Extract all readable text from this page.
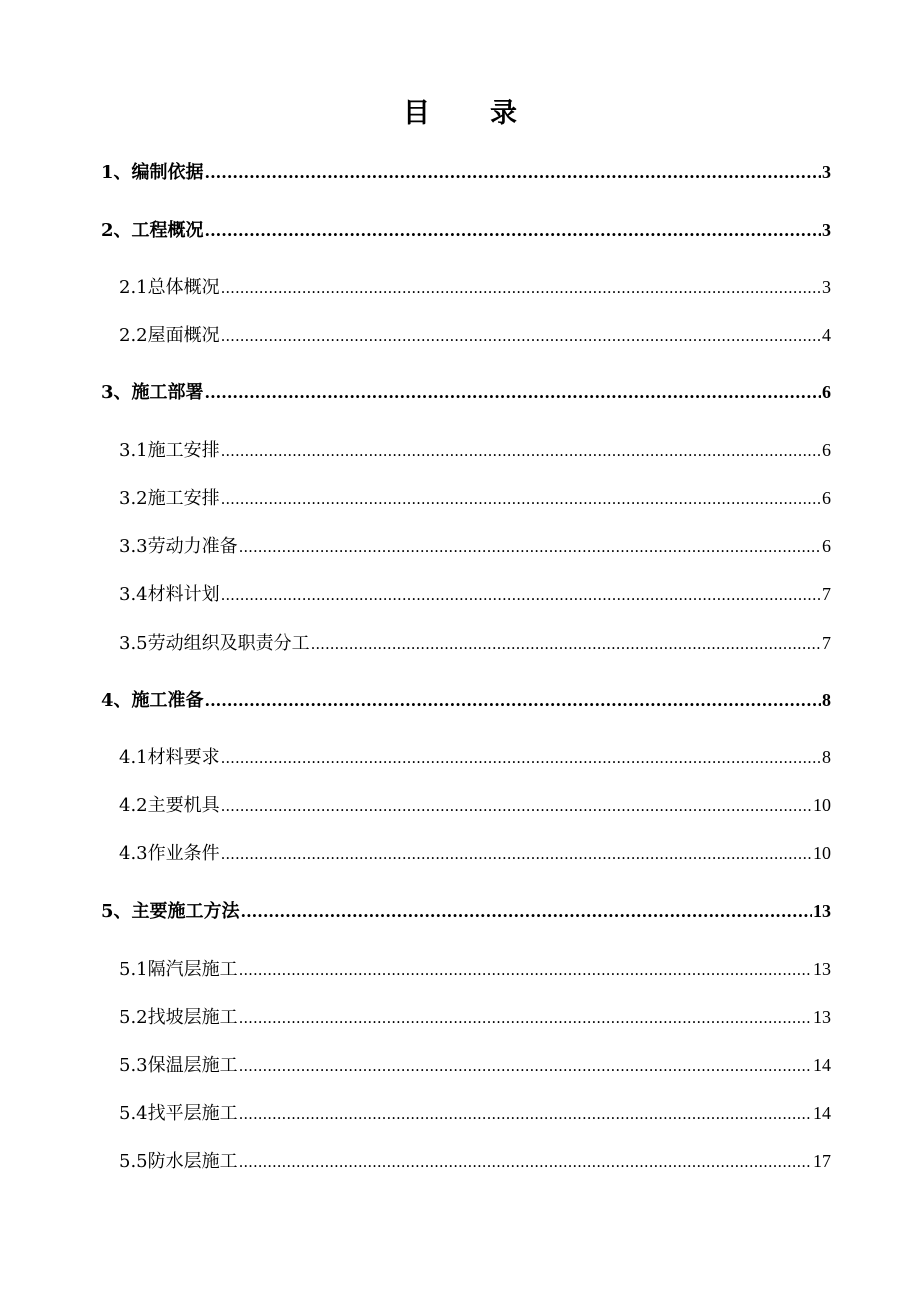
目 录
1、编制依据 .....	3
2、工程概况 .....	3
2.1总体概况 .....	3
2.2屋面概况 .....	4
3、施工部署 .....	6
3.1施工安排 .....	6
3.2施工安排 .....	6
3.3劳动力准备 .....	6
3.4材料计划 .....	7
3.5劳动组织及职责分工 .....	7
4、施工准备 .....	8
4.1材料要求 .....	8
4.2主要机具 .....	10
4.3作业条件 .....	10
5、主要施工方法 .....	13
5.1隔汽层施工 .....	13
5.2找坡层施工 .....	13
5.3保温层施工 .....	14
5.4找平层施工 .....	14
5.5防水层施工 .....	17
